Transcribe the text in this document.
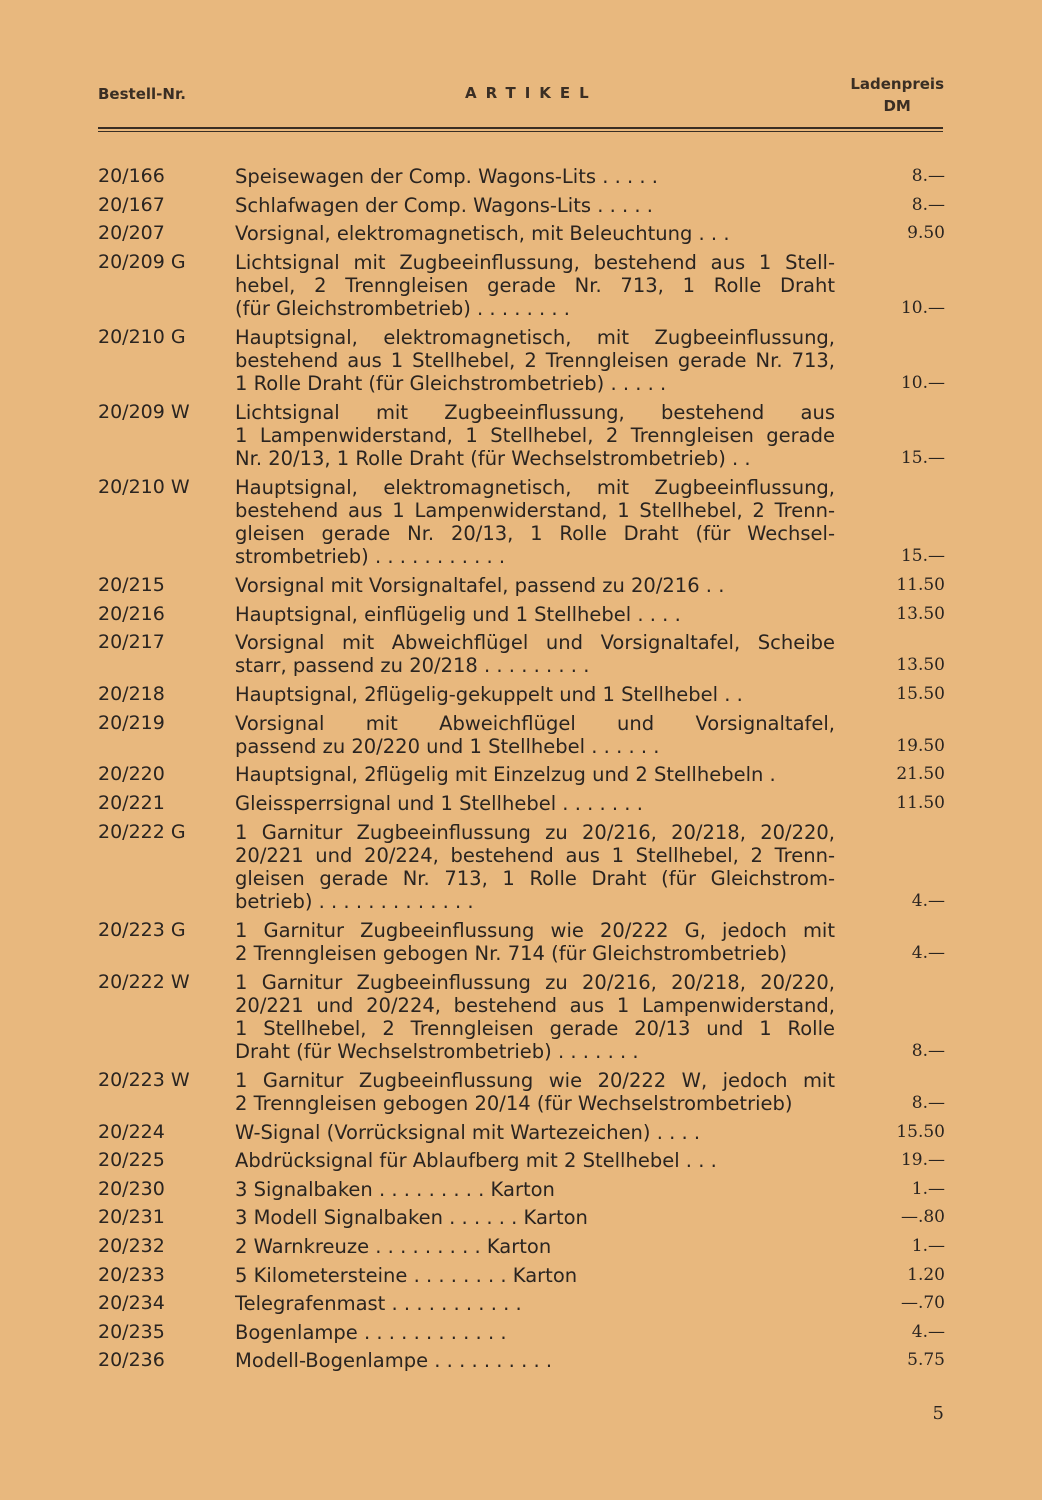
Bestell-Nr.	ARTIKEL	Ladenpreis
DM
20/166	Speisewagen der Comp. Wagons-Lits . . . . .	8.—
20/167	Schlafwagen der Comp. Wagons-Lits . . . . .	8.—
20/207	Vorsignal, elektromagnetisch, mit Beleuchtung . . .	9.50
20/209 G	Lichtsignal mit Zugbeeinflussung, bestehend aus 1 Stell-
hebel, 2 Trenngleisen gerade Nr. 713, 1 Rolle Draht
(für Gleichstrombetrieb) . . . . . . . .	10.—
20/210 G	Hauptsignal, elektromagnetisch, mit Zugbeeinflussung,
bestehend aus 1 Stellhebel, 2 Trenngleisen gerade Nr. 713,
1 Rolle Draht (für Gleichstrombetrieb) . . . . .	10.—
20/209 W Lichtsignal mit Zugbeeinflussung, bestehend aus
1 Lampenwiderstand, 1 Stellhebel, 2 Trenngleisen gerade
Nr. 20/13, 1 Rolle Draht (für Wechselstrombetrieb) . .	15.—
20/210 W Hauptsignal, elektromagnetisch, mit Zugbeeinflussung,
bestehend aus 1 Lampenwiderstand, 1 Stellhebel, 2 Trenn-
gleisen gerade Nr. 20/13, 1 Rolle Draht (für Wechsel-
strombetrieb) . . . . . . . . . . .	15.—
20/215	Vorsignal mit Vorsignaltafel, passend zu 20/216 . .	11.50
20/216	Hauptsignal, einflügelig und 1 Stellhebel . . . .	13.50
20/217	Vorsignal mit Abweichflügel und Vorsignaltafel, Scheibe
starr, passend zu 20/218 . . . . . . . . .	13.50
20/218	Hauptsignal, 2flügelig-gekuppelt und 1 Stellhebel . .	15.50
20/219	Vorsignal mit Abweichflügel und Vorsignaltafel,
passend zu 20/220 und 1 Stellhebel . . . . . .	19.50
20/220	Hauptsignal, 2flügelig mit Einzelzug und 2 Stellhebeln .	21.50
20/221	Gleissperrsignal und 1 Stellhebel . . . . . . .	11.50
20/222 G	1 Garnitur Zugbeeinflussung zu 20/216, 20/218, 20/220,
20/221 und 20/224, bestehend aus 1 Stellhebel, 2 Trenn-
gleisen gerade Nr. 713, 1 Rolle Draht (für Gleichstrom-
betrieb) . . . . . . . . . . . . .	4.—
20/223 G	1 Garnitur Zugbeeinflussung wie 20/222 G, jedoch mit
2 Trenngleisen gebogen Nr. 714 (für Gleichstrombetrieb)	4.—
20/222 W 1 Garnitur Zugbeeinflussung zu 20/216, 20/218, 20/220,
20/221 und 20/224, bestehend aus 1 Lampenwiderstand,
1 Stellhebel, 2 Trenngleisen gerade 20/13 und 1 Rolle
Draht (für Wechselstrombetrieb) . . . . . . .	8.—
20/223 W 1 Garnitur Zugbeeinflussung wie 20/222 W, jedoch mit
2 Trenngleisen gebogen 20/14 (für Wechselstrombetrieb)	8.—
20/224	W-Signal (Vorrücksignal mit Wartezeichen) . . . .	15.50
20/225	Abdrücksignal für Ablaufberg mit 2 Stellhebel . . .	19.—
20/230	3 Signalbaken . . . . . . . . . Karton	1.—
20/231	3 Modell Signalbaken . . . . . . Karton	—.80
20/232	2 Warnkreuze . . . . . . . . . Karton	1.—
20/233	5 Kilometersteine . . . . . . . . Karton	1.20
20/234	Telegrafenmast . . . . . . . . . . .	—.70
20/235	Bogenlampe . . . . . . . . . . . .	4.—
20/236	Modell-Bogenlampe . . . . . . . . . .	5.75
5
